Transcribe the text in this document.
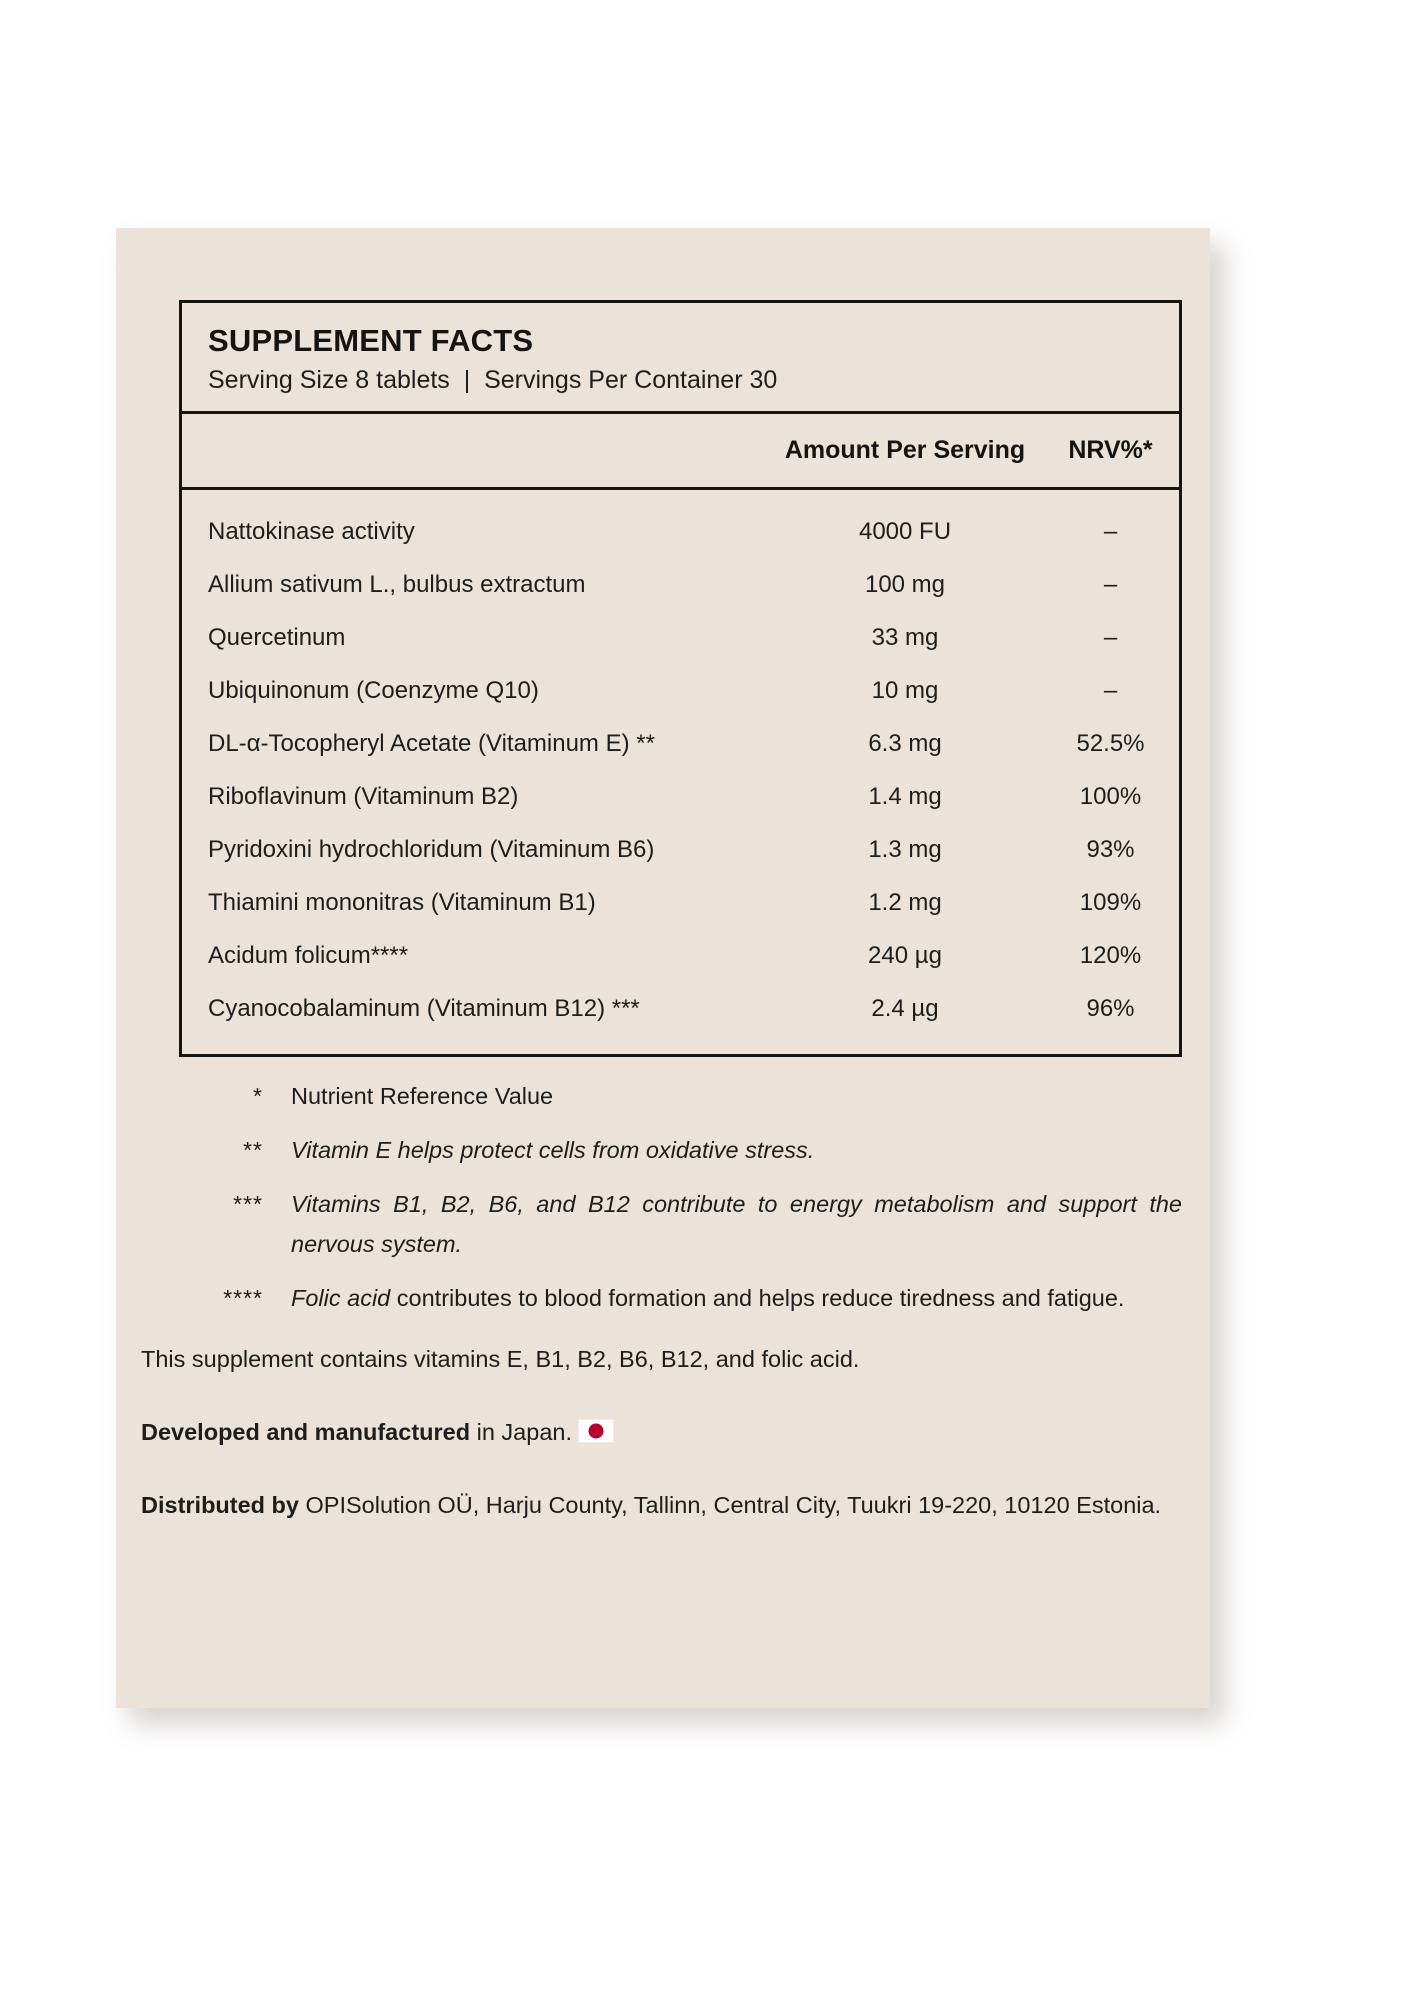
SUPPLEMENT FACTS
Serving Size 8 tablets  |  Servings Per Container 30
Amount Per Serving	NRV%*
Nattokinase activity	4000 FU	–
Allium sativum L., bulbus extractum	100 mg	–
Quercetinum	33 mg	–
Ubiquinonum (Coenzyme Q10)	10 mg	–
DL-α-Tocopheryl Acetate (Vitaminum E) **	6.3 mg	52.5%
Riboflavinum (Vitaminum B2)	1.4 mg	100%
Pyridoxini hydrochloridum (Vitaminum B6)	1.3 mg	93%
Thiamini mononitras (Vitaminum B1)	1.2 mg	109%
Acidum folicum****	240 µg	120%
Cyanocobalaminum (Vitaminum B12) ***	2.4 µg	96%
*	Nutrient Reference Value
**	Vitamin E helps protect cells from oxidative stress.
***	Vitamins B1, B2, B6, and B12 contribute to energy metabolism and support the nervous system.
****	Folic acid contributes to blood formation and helps reduce tiredness and fatigue.
This supplement contains vitamins E, B1, B2, B6, B12, and folic acid.
Developed and manufactured in Japan.
Distributed by OPISolution OÜ, Harju County, Tallinn, Central City, Tuukri 19-220, 10120 Estonia.
